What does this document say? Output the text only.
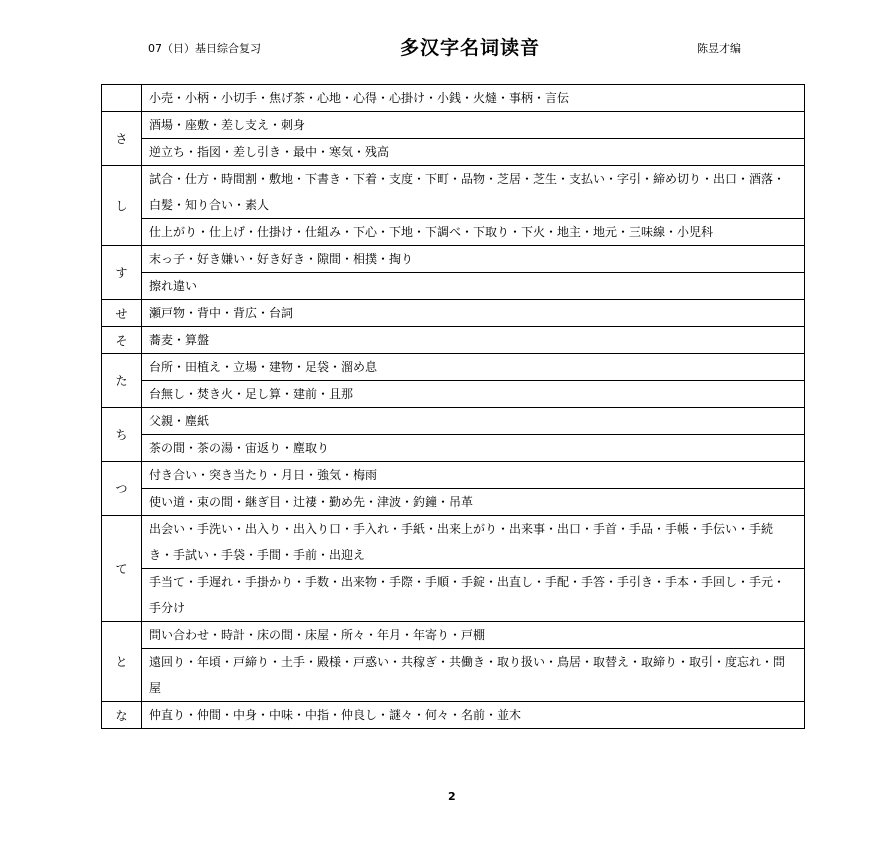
07（日）基日综合复习	多汉字名词读音	陈昱才编
	小売・小柄・小切手・焦げ茶・心地・心得・心掛け・小銭・火燵・事柄・言伝
さ	酒場・座敷・差し支え・刺身
	逆立ち・指図・差し引き・最中・寒気・残高
し	試合・仕方・時間割・敷地・下書き・下着・支度・下町・品物・芝居・芝生・支払い・字引・締め切り・出口・酒落・白髪・知り合い・素人
	仕上がり・仕上げ・仕掛け・仕組み・下心・下地・下調べ・下取り・下火・地主・地元・三味線・小児科
す	末っ子・好き嫌い・好き好き・隙間・相撲・掏り
	擦れ違い
せ	瀬戸物・背中・背広・台詞
そ	蕎麦・算盤
た	台所・田植え・立場・建物・足袋・溜め息
	台無し・焚き火・足し算・建前・且那
ち	父親・塵紙
	茶の間・茶の湯・宙返り・塵取り
つ	付き合い・突き当たり・月日・強気・梅雨
	使い道・束の間・継ぎ目・辻褄・勤め先・津波・釣鐘・吊革
て	出会い・手洗い・出入り・出入り口・手入れ・手紙・出来上がり・出来事・出口・手首・手品・手帳・手伝い・手続き・手試い・手袋・手間・手前・出迎え
	手当て・手遅れ・手掛かり・手数・出来物・手際・手順・手錠・出直し・手配・手答・手引き・手本・手回し・手元・手分け
と	問い合わせ・時計・床の間・床屋・所々・年月・年寄り・戸棚
	遠回り・年頃・戸締り・土手・殿様・戸惑い・共稼ぎ・共働き・取り扱い・鳥居・取替え・取締り・取引・度忘れ・問屋
な	仲直り・仲間・中身・中味・中指・仲良し・謎々・何々・名前・並木
2
